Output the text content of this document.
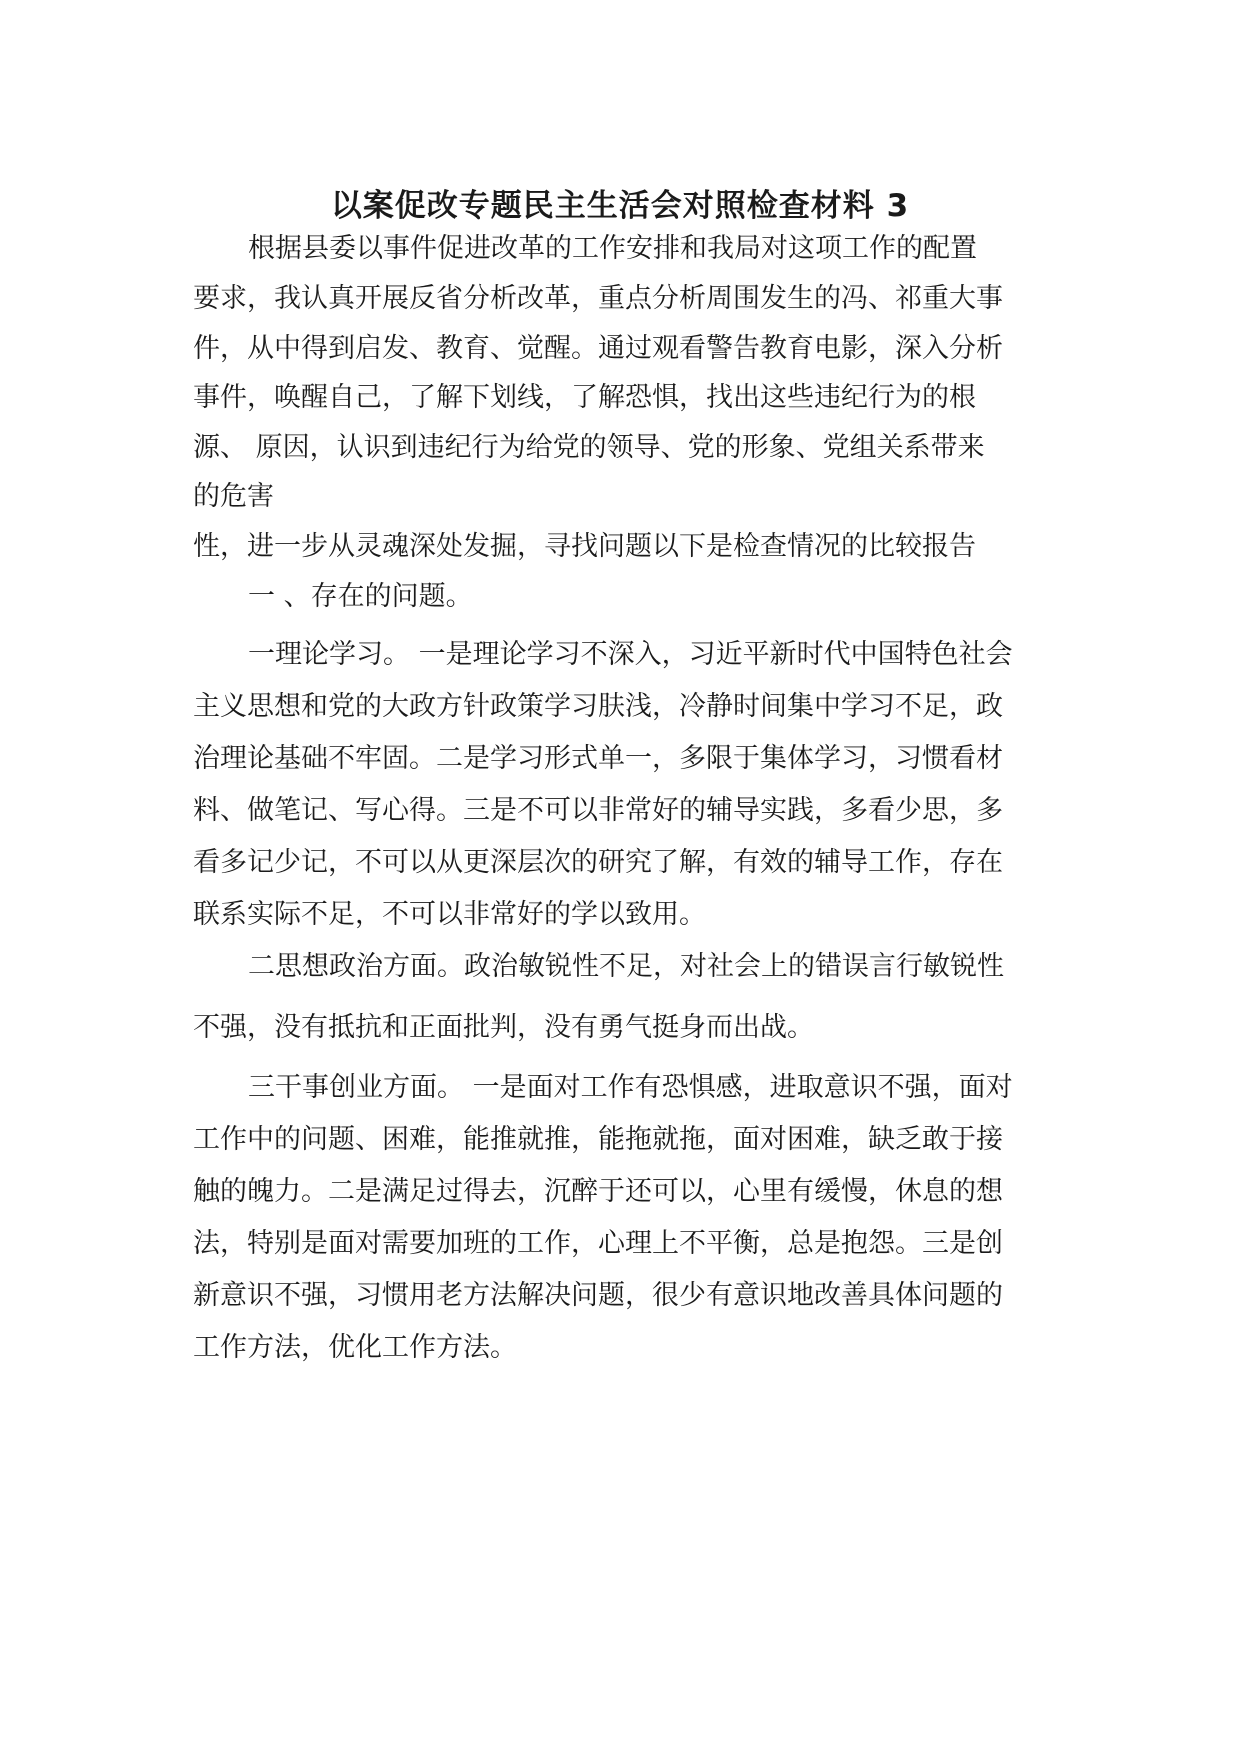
以案促改专题民主生活会对照检查材料 3

根据县委以事件促进改革的工作安排和我局对这项工作的配置

要求，我认真开展反省分析改革，重点分析周围发生的冯、祁重大事

件，从中得到启发、教育、觉醒。通过观看警告教育电影，深入分析

事件，唤醒自己，了解下划线，了解恐惧，找出这些违纪行为的根

源、 原因，认识到违纪行为给党的领导、党的形象、党组关系带来

的危害

性，进一步从灵魂深处发掘，寻找问题以下是检查情况的比较报告

一 、存在的问题。

一理论学习。 一是理论学习不深入，习近平新时代中国特色社会

主义思想和党的大政方针政策学习肤浅，冷静时间集中学习不足，政

治理论基础不牢固。二是学习形式单一，多限于集体学习，习惯看材

料、做笔记、写心得。三是不可以非常好的辅导实践，多看少思，多

看多记少记，不可以从更深层次的研究了解，有效的辅导工作，存在

联系实际不足，不可以非常好的学以致用。

二思想政治方面。政治敏锐性不足，对社会上的错误言行敏锐性

不强，没有抵抗和正面批判，没有勇气挺身而出战。

三干事创业方面。 一是面对工作有恐惧感，进取意识不强，面对

工作中的问题、困难，能推就推，能拖就拖，面对困难，缺乏敢于接

触的魄力。二是满足过得去，沉醉于还可以，心里有缓慢，休息的想

法，特别是面对需要加班的工作，心理上不平衡，总是抱怨。三是创

新意识不强，习惯用老方法解决问题，很少有意识地改善具体问题的

工作方法，优化工作方法。
